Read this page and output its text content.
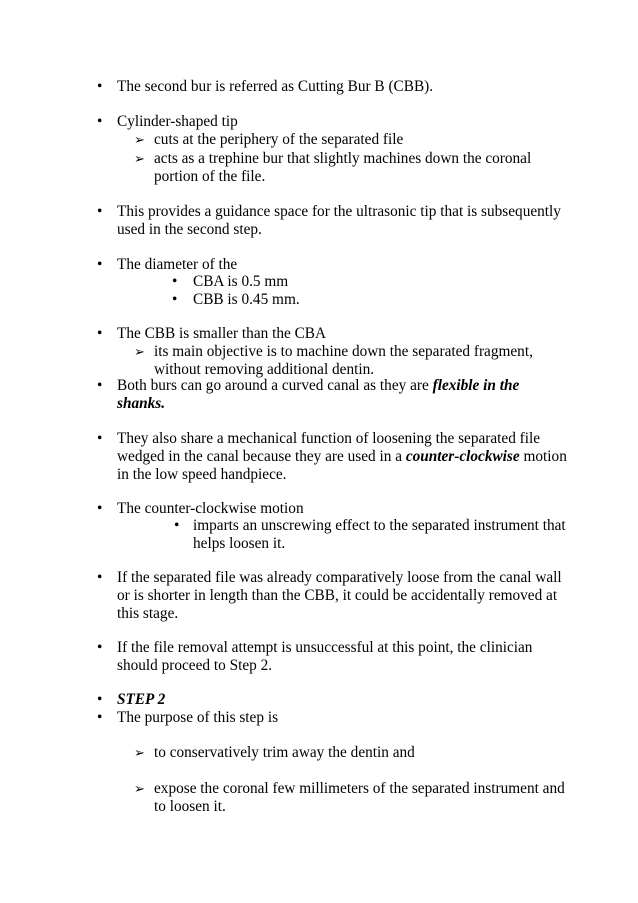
• The second bur is referred as Cutting Bur B (CBB).

• Cylinder-shaped tip

➢ cuts at the periphery of the separated file

➢ acts as a trephine bur that slightly machines down the coronal

portion of the file.

• This provides a guidance space for the ultrasonic tip that is subsequently

used in the second step.

• The diameter of the

• CBA is 0.5 mm

• CBB is 0.45 mm.

• The CBB is smaller than the CBA

➢ its main objective is to machine down the separated fragment,

without removing additional dentin.

• Both burs can go around a curved canal as they are flexible in the

shanks.

• They also share a mechanical function of loosening the separated file

wedged in the canal because they are used in a counter-clockwise motion

in the low speed handpiece.

• The counter-clockwise motion

• imparts an unscrewing effect to the separated instrument that

helps loosen it.

• If the separated file was already comparatively loose from the canal wall

or is shorter in length than the CBB, it could be accidentally removed at

this stage.

• If the file removal attempt is unsuccessful at this point, the clinician

should proceed to Step 2.

• STEP 2

• The purpose of this step is

➢ to conservatively trim away the dentin and

➢ expose the coronal few millimeters of the separated instrument and

to loosen it.
